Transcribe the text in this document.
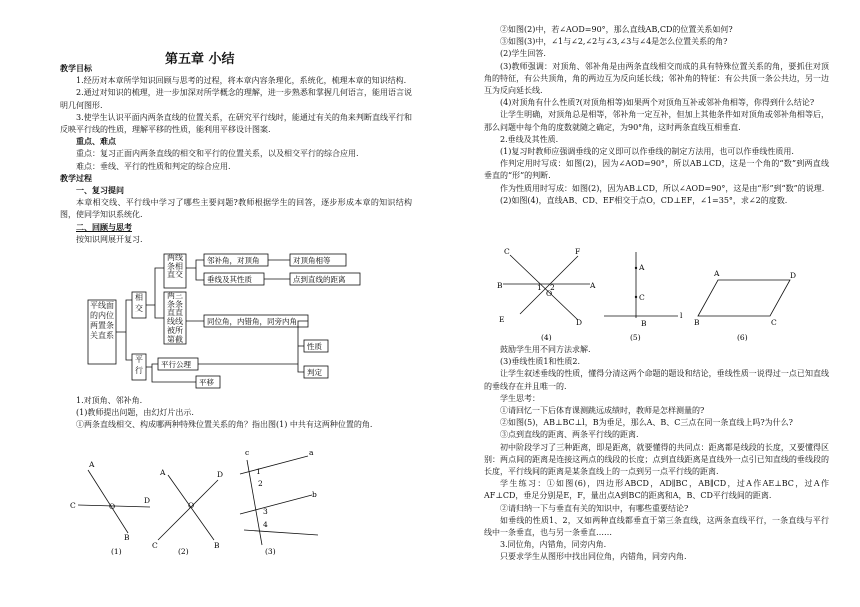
第五章 小结

教学目标

1.经历对本章所学知识回顾与思考的过程，将本章内容条理化，系统化，梳理本章的知识结构.

2.通过对知识的梳理，进一步加深对所学概念的理解，进一步熟悉和掌握几何语言，能用语言说明几何图形.

3.使学生认识平面内两条直线的位置关系，在研究平行线时，能通过有关的角来判断直线平行和反映平行线的性质，理解平移的性质，能利用平移设计图案.

重点、难点

重点：复习正面内两条直线的相交和平行的位置关系，以及相交平行的综合应用.

难点：垂线、平行的性质和判定的综合应用.

教学过程

一、复习提问

本章相交线、平行线中学习了哪些主要问题?教师根据学生的回答，逐步形成本章的知识结构图，使同学知识系统化.

二、回顾与思考

按知识网展开复习.

平线面的内位两置条关直系
相交
平行
两线条相直交
两三条条直直线线被所第截
邻补角，对顶角	对顶角相等
垂线及其性质	点到直线的距离
同位角，内错角，同旁内角
性质
判定
平行公理
平移

1.对顶角、邻补角.

(1)教师提出问题，由幻灯片出示.

①两条直线相交、构成哪两种特殊位置关系的角？指出图(1) 中共有这两种位置的角.

A
C	O
D
B
A	D
O
C	B
c	a
b
1
2
3
4
(1)	(2)	(3)

②如图(2)中，若∠AOD=90°，那么直线AB,CD的位置关系如何?

③如图(3)中，∠1与∠2,∠2与∠3,∠3与∠4是怎么位置关系的角?

(2)学生回答.

(3)教师强调：对顶角、邻补角是由两条直线相交而成的具有特殊位置关系的角，要抓住对顶角的特征，有公共顶角，角的两边互为反向延长线；邻补角的特征：有公共顶一条公共边，另一边互为反向延长线.

(4)对顶角有什么性质?(对顶角相等)如果两个对顶角互补或邻补角相等，你得到什么结论?

让学生明确，对顶角总是相等，邻补角一定互补，但加上其他条件如对顶角或邻补角相等后，那么问题中每个角的度数就随之确定，为90°角，这时两条直线互相垂直.

2.垂线及其性质.

(1)复习时教师应强调垂线的定义即可以作垂线的制定方法用，也可以作垂线性质用.

作判定用时写成：如图(2)，因为∠AOD=90°，所以AB⊥CD，这是一个角的“数”到两直线垂直的“形”的判断.

作为性质用时写成：如图(2)，因为AB⊥CD，所以∠AOD=90°，这是由“形”到“数”的说理.

(2)如图(4)，直线AB、CD、EF相交于点O，CD⊥EF，∠1=35°，求∠2的度数.

C	F
B	A
1 2
O
E	D
A
C
B
l
A	D
B	C
(4)	(5)	(6)

鼓励学生用不同方法求解.

(3)垂线性质1和性质2.

让学生叙述垂线的性质，懂得分清这两个命题的题设和结论，垂线性质一说得过一点已知直线的垂线存在并且唯一的.

学生思考：

①请回忆一下后体育课测跳远成绩时，教师是怎样测量的?

②如图(5)，AB⊥BC⊥l，B为垂足，那么A、B、C三点在同一条直线上吗?为什么?

③点到直线的距离、两条平行线的距离.

初中阶段学习了三种距离，即是距离，就要懂得的共同点：距离都是线段的长度，又要懂得区别：两点间的距离是连接这两点的线段的长度；点到直线距离是直线外一点引已知直线的垂线段的长度，平行线间的距离是某条直线上的一点到另一点平行线的距离.

学生练习：①如图(6)，四边形ABCD，AD∥BC，AB∥CD，过A作AE⊥BC，过A作AF⊥CD，垂足分别是E，F，量出点A到BC的距离和A，B、CD平行线间的距离.

②请归纳一下与垂直有关的知识中，有哪些重要结论?

如垂线的性质1、2，又如两种直线都垂直于第三条直线，这两条直线平行，一条直线与平行线中一条垂直，也与另一条垂直……

3.同位角，内错角，同旁内角.

只要求学生从图形中找出同位角，内错角，同旁内角.
